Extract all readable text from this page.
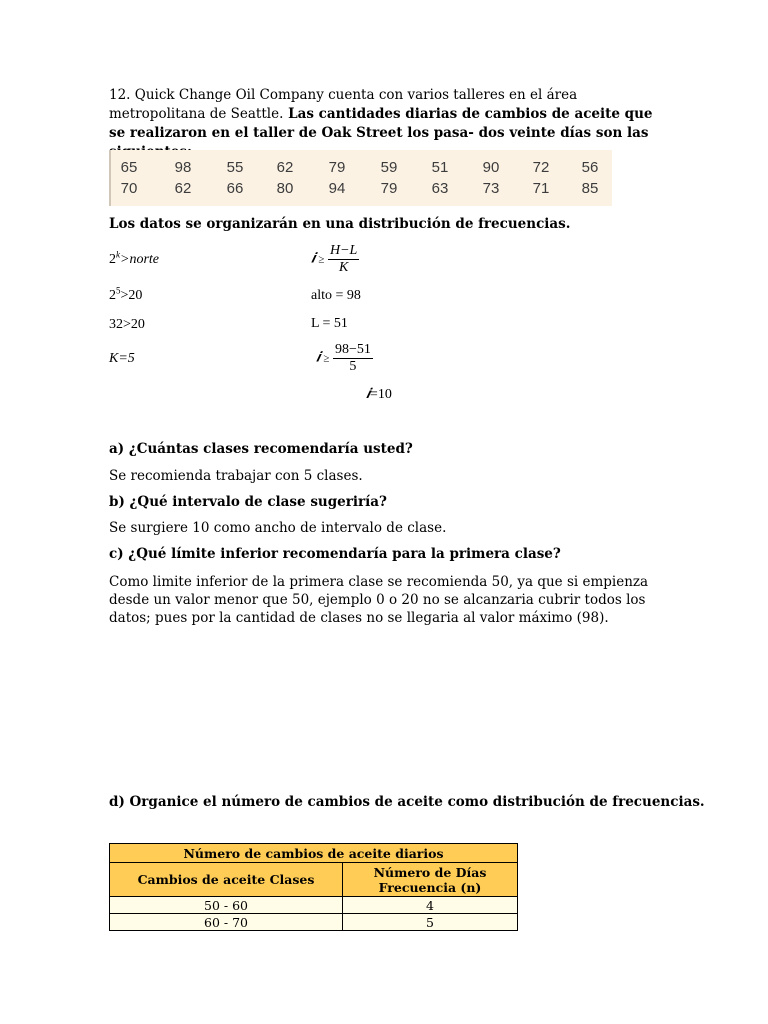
12. Quick Change Oil Company cuenta con varios talleres en el área metropolitana de Seattle. Las cantidades diarias de cambios de aceite que se realizaron en el taller de Oak Street los pasa- dos veinte días son las
65	98	55	62	79	59	51	90	72	56
70	62	66	80	94	79	63	73	71	85
Los datos se organizarán en una distribución de frecuencias.
$2^k>norte$
$2^5>20$
32>20
K=5
𝒊 ≥ $\frac{H-L}{K}$
alto = 98
L = 51
𝒊 ≥ $\frac{98-51}{5}$
𝒊=10
a) ¿Cuántas clases recomendaría usted?
Se recomienda trabajar con 5 clases.
b) ¿Qué intervalo de clase sugeriría?
Se surgiere 10 como ancho de intervalo de clase.
c) ¿Qué límite inferior recomendaría para la primera clase?
Como limite inferior de la primera clase se recomienda 50, ya que si empienza desde un valor menor que 50, ejemplo 0 o 20 no se alcanzaria cubrir todos los datos; pues por la cantidad de clases no se llegaria al valor máximo (98).
d) Organice el número de cambios de aceite como distribución de frecuencias.
Número de cambios de aceite diarios	
Cambios de aceite Clases	Número de Días
Frecuencia (n)
50 - 60	4
60 - 70	5
